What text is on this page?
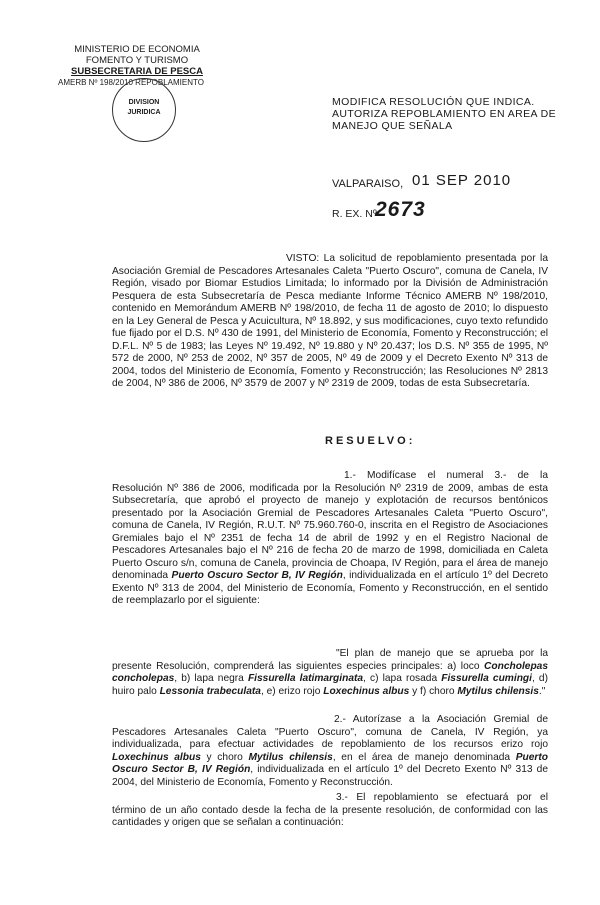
MINISTERIO DE ECONOMIA
FOMENTO Y TURISMO
SUBSECRETARIA DE PESCA
AMERB Nº 198/2010 REPOBLAMIENTO
DIVISION
JURIDICA
MODIFICA RESOLUCIÓN QUE INDICA. AUTORIZA REPOBLAMIENTO EN AREA DE MANEJO QUE SEÑALA
VALPARAISO, 01 SEP 2010
R. EX. Nº
2673
VISTO: La solicitud de repoblamiento presentada por la Asociación Gremial de Pescadores Artesanales Caleta "Puerto Oscuro", comuna de Canela, IV Región, visado por Biomar Estudios Limitada; lo informado por la División de Administración Pesquera de esta Subsecretaría de Pesca mediante Informe Técnico AMERB Nº 198/2010, contenido en Memorándum AMERB Nº 198/2010, de fecha 11 de agosto de 2010; lo dispuesto en la Ley General de Pesca y Acuicultura, Nº 18.892, y sus modificaciones, cuyo texto refundido fue fijado por el D.S. Nº 430 de 1991, del Ministerio de Economía, Fomento y Reconstrucción; el D.F.L. Nº 5 de 1983; las Leyes Nº 19.492, Nº 19.880 y Nº 20.437; los D.S. Nº 355 de 1995, Nº 572 de 2000, Nº 253 de 2002, Nº 357 de 2005, Nº 49 de 2009 y el Decreto Exento Nº 313 de 2004, todos del Ministerio de Economía, Fomento y Reconstrucción; las Resoluciones Nº 2813 de 2004, Nº 386 de 2006, Nº 3579 de 2007 y Nº 2319 de 2009, todas de esta Subsecretaría.
RESUELVO:
1.- Modifícase el numeral 3.- de la Resolución Nº 386 de 2006, modificada por la Resolución Nº 2319 de 2009, ambas de esta Subsecretaría, que aprobó el proyecto de manejo y explotación de recursos bentónicos presentado por la Asociación Gremial de Pescadores Artesanales Caleta "Puerto Oscuro", comuna de Canela, IV Región, R.U.T. Nº 75.960.760-0, inscrita en el Registro de Asociaciones Gremiales bajo el Nº 2351 de fecha 14 de abril de 1992 y en el Registro Nacional de Pescadores Artesanales bajo el Nº 216 de fecha 20 de marzo de 1998, domiciliada en Caleta Puerto Oscuro s/n, comuna de Canela, provincia de Choapa, IV Región, para el área de manejo denominada Puerto Oscuro Sector B, IV Región, individualizada en el artículo 1º del Decreto Exento Nº 313 de 2004, del Ministerio de Economía, Fomento y Reconstrucción, en el sentido de reemplazarlo por el siguiente:
"El plan de manejo que se aprueba por la presente Resolución, comprenderá las siguientes especies principales: a) loco Concholepas concholepas, b) lapa negra Fissurella latimarginata, c) lapa rosada Fissurella cumingi, d) huiro palo Lessonia trabeculata, e) erizo rojo Loxechinus albus y f) choro Mytilus chilensis."
2.- Autorízase a la Asociación Gremial de Pescadores Artesanales Caleta "Puerto Oscuro", comuna de Canela, IV Región, ya individualizada, para efectuar actividades de repoblamiento de los recursos erizo rojo Loxechinus albus y choro Mytilus chilensis, en el área de manejo denominada Puerto Oscuro Sector B, IV Región, individualizada en el artículo 1º del Decreto Exento Nº 313 de 2004, del Ministerio de Economía, Fomento y Reconstrucción.
3.- El repoblamiento se efectuará por el término de un año contado desde la fecha de la presente resolución, de conformidad con las cantidades y origen que se señalan a continuación:
